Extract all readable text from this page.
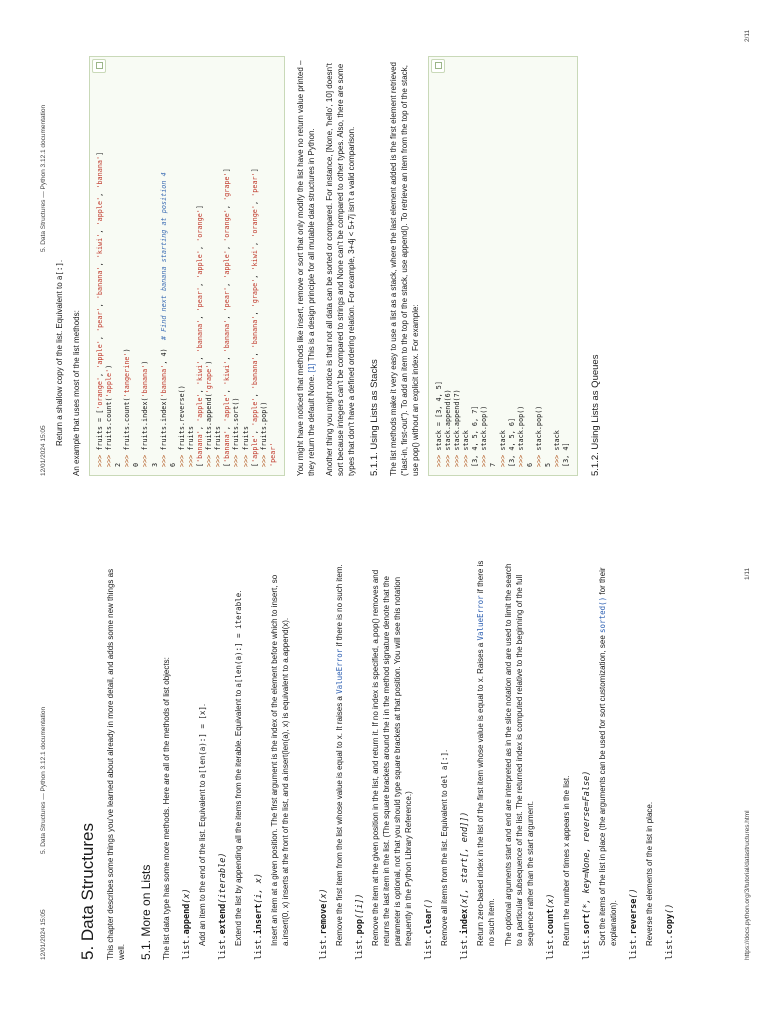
12/01/2024 15:05
5. Data Structures — Python 3.12.1 documentation
5. Data Structures This chapter describes some things you've learned about already in more detail, and adds some new things as well. 5.1. More on Lists The list data type has some more methods. Here are all of the methods of list objects: list.append(x) Add an item to the end of the list. Equivalent to a[len(a):] = [x].

list.extend(iterable) Extend the list by appending all the items from the iterable. Equivalent to a[len(a):] = iterable.

list.insert(i, x) Insert an item at a given position. The first argument is the index of the element before which to insert, so a.insert(0, x) inserts at the front of the list, and a.insert(len(a), x) is equivalent to a.append(x).

list.remove(x) Remove the first item from the list whose value is equal to x. It raises a ValueError if there is no such item.

list.pop([i]) Remove the item at the given position in the list, and return it. If no index is specified, a.pop() removes and returns the last item in the list. (The square brackets around the i in the method signature denote that the parameter is optional, not that you should type square brackets at that position. You will see this notation frequently in the Python Library Reference.)

list.clear() Remove all items from the list. Equivalent to del a[:].

list.index(x[, start[, end]]) Return zero-based index in the list of the first item whose value is equal to x. Raises a ValueError if there is no such item. The optional arguments start and end are interpreted as in the slice notation and are used to limit the search to a particular subsequence of the list. The returned index is computed relative to the beginning of the full sequence rather than the start argument.

list.count(x) Return the number of times x appears in the list.

list.sort(*, key=None, reverse=False) Sort the items of the list in place (the arguments can be used for sort customization, see sorted() for their explanation).

list.reverse() Reverse the elements of the list in place.

list.copy()	https://docs.python.org/3/tutorial/datastructures.html
1/11
12/01/2024 15:05
5. Data Structures — Python 3.12.1 documentation

Return a shallow copy of the list. Equivalent to a[:].

An example that uses most of the list methods: >>> fruits = ['orange', 'apple', 'pear', 'banana', 'kiwi', 'apple', 'banana']
>>> fruits.count('apple')
2 >>> fruits.count('tangerine')
0 >>> fruits.index('banana')
3 >>> fruits.index('banana', 4)  # Find next banana starting at position 4
6 >>> fruits.reverse()
>>> fruits
['banana', 'apple', 'kiwi', 'banana', 'pear', 'apple', 'orange']
>>> fruits.append('grape')
>>> fruits
['banana', 'apple', 'kiwi', 'banana', 'pear', 'apple', 'orange', 'grape']
>>> fruits.sort()
>>> fruits
['apple', 'apple', 'banana', 'banana', 'grape', 'kiwi', 'orange', 'pear']
>>> fruits.pop() 'pear' You might have noticed that methods like insert, remove or sort that only modify the list have no return value printed – they return the default None. [1] This is a design principle for all mutable data structures in Python. Another thing you might notice is that not all data can be sorted or compared. For instance, [None, 'hello', 10] doesn't sort because integers can't be compared to strings and None can't be compared to other types. Also, there are some types that don't have a defined ordering relation. For example, 3+4j < 5+7j isn't a valid comparison. 5.1.1. Using Lists as Stacks The list methods make it very easy to use a list as a stack, where the last element added is the first element retrieved ("last-in, first-out"). To add an item to the top of the stack, use append(). To retrieve an item from the top of the stack, use pop() without an explicit index. For example: >>> stack = [3, 4, 5]
>>> stack.append(6)
>>> stack.append(7)
>>> stack [3, 4, 5, 6, 7] >>> stack.pop()
7 >>> stack [3, 4, 5, 6] >>> stack.pop()
6 >>> stack.pop()
5 >>> stack [3, 4] 5.1.2. Using Lists as Queues
2/11
